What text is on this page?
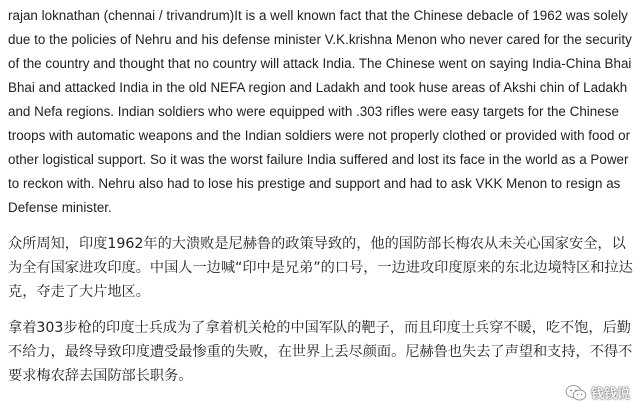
rajan loknathan (chennai / trivandrum)It is a well known fact that the Chinese debacle of 1962 was solely due to the policies of Nehru and his defense minister V.K.krishna Menon who never cared for the security of the country and thought that no country will attack India. The Chinese went on saying India-China Bhai Bhai and attacked India in the old NEFA region and Ladakh and took huse areas of Akshi chin of Ladakh and Nefa regions. Indian soldiers who were equipped with .303 rifles were easy targets for the Chinese troops with automatic weapons and the Indian soldiers were not properly clothed or provided with food or other logistical support. So it was the worst failure India suffered and lost its face in the world as a Power to reckon with. Nehru also had to lose his prestige and support and had to ask VKK Menon to resign as Defense minister.

众所周知，印度1962年的大溃败是尼赫鲁的政策导致的，他的国防部长梅农从未关心国家安全，以为全有国家进攻印度。中国人一边喊“印中是兄弟”的口号，一边进攻印度原来的东北边境特区和拉达克，夺走了大片地区。

拿着303步枪的印度士兵成为了拿着机关枪的中国军队的靶子，而且印度士兵穿不暖，吃不饱，后勤不给力，最终导致印度遭受最惨重的失败，在世界上丢尽颜面。尼赫鲁也失去了声望和支持，不得不要求梅农辞去国防部长职务。

钱钱说
